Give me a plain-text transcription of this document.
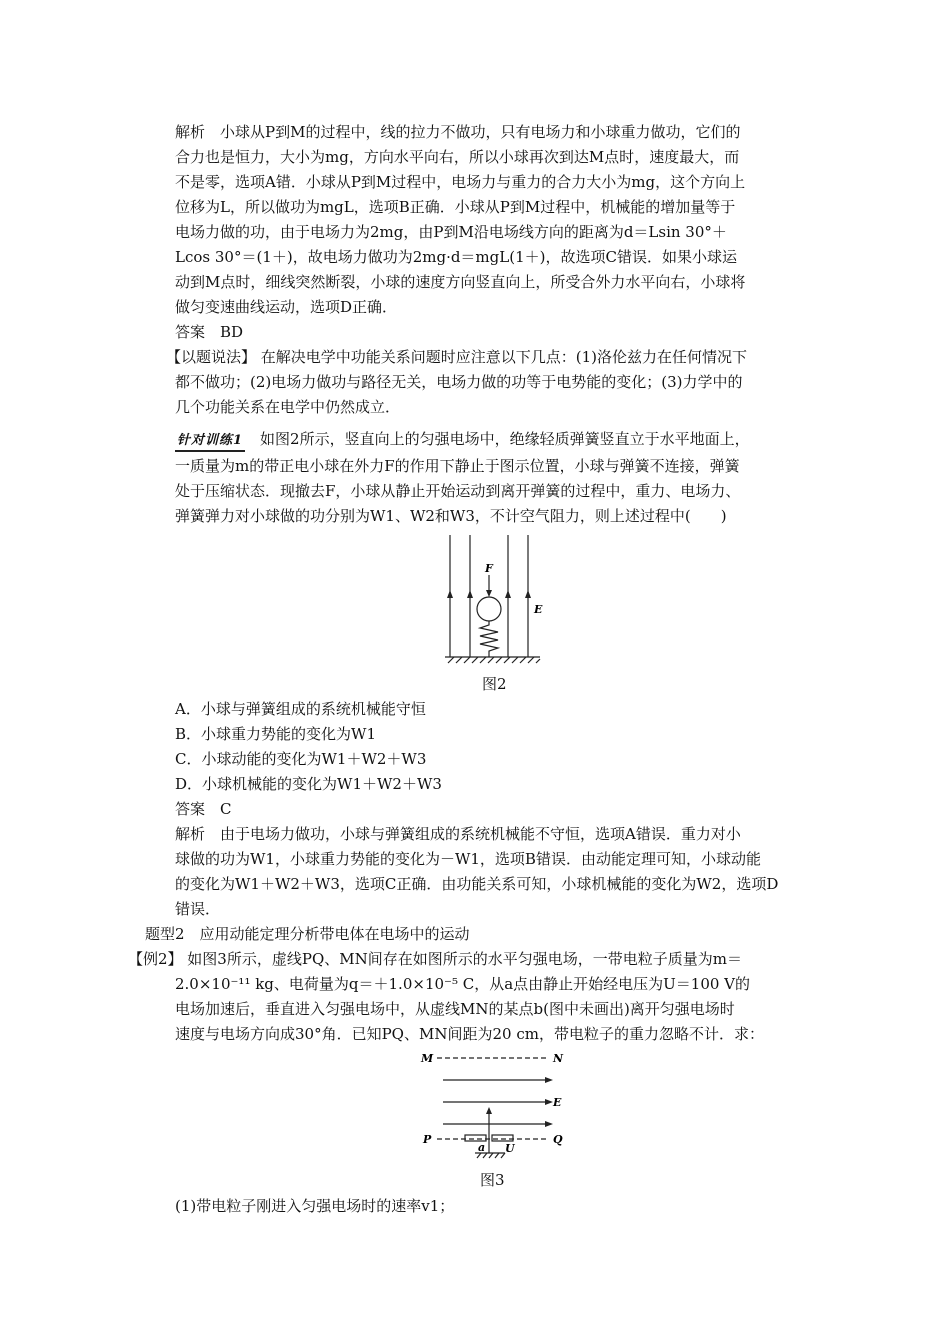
解析　小球从P到M的过程中，线的拉力不做功，只有电场力和小球重力做功，它们的
合力也是恒力，大小为mg，方向水平向右，所以小球再次到达M点时，速度最大，而
不是零，选项A错．小球从P到M过程中，电场力与重力的合力大小为mg，这个方向上
位移为L，所以做功为mgL，选项B正确．小球从P到M过程中，机械能的增加量等于
电场力做的功，由于电场力为2mg，由P到M沿电场线方向的距离为d＝Lsin 30°＋
Lcos 30°＝(1＋)，故电场力做功为2mg·d＝mgL(1＋)，故选项C错误．如果小球运
动到M点时，细线突然断裂，小球的速度方向竖直向上，所受合外力水平向右，小球将
做匀变速曲线运动，选项D正确．
答案　BD
【以题说法】 在解决电学中功能关系问题时应注意以下几点：(1)洛伦兹力在任何情况下
都不做功；(2)电场力做功与路径无关，电场力做的功等于电势能的变化；(3)力学中的
几个功能关系在电学中仍然成立．
针对训练1　如图2所示，竖直向上的匀强电场中，绝缘轻质弹簧竖直立于水平地面上，
一质量为m的带正电小球在外力F的作用下静止于图示位置，小球与弹簧不连接，弹簧
处于压缩状态．现撤去F，小球从静止开始运动到离开弹簧的过程中，重力、电场力、
弹簧弹力对小球做的功分别为W1、W2和W3，不计空气阻力，则上述过程中(　　)
F
E
图2
A．小球与弹簧组成的系统机械能守恒
B．小球重力势能的变化为W1
C．小球动能的变化为W1＋W2＋W3
D．小球机械能的变化为W1＋W2＋W3
答案　C
解析　由于电场力做功，小球与弹簧组成的系统机械能不守恒，选项A错误．重力对小
球做的功为W1，小球重力势能的变化为－W1，选项B错误．由动能定理可知，小球动能
的变化为W1＋W2＋W3，选项C正确．由功能关系可知，小球机械能的变化为W2，选项D
错误．
题型2　应用动能定理分析带电体在电场中的运动
【例2】 如图3所示，虚线PQ、MN间存在如图所示的水平匀强电场，一带电粒子质量为m＝
2.0×10⁻¹¹ kg、电荷量为q＝＋1.0×10⁻⁵ C，从a点由静止开始经电压为U＝100 V的
电场加速后，垂直进入匀强电场中，从虚线MN的某点b(图中未画出)离开匀强电场时
速度与电场方向成30°角．已知PQ、MN间距为20 cm，带电粒子的重力忽略不计．求：
M	N
E
P	Q
U
a
图3
(1)带电粒子刚进入匀强电场时的速率v1；
